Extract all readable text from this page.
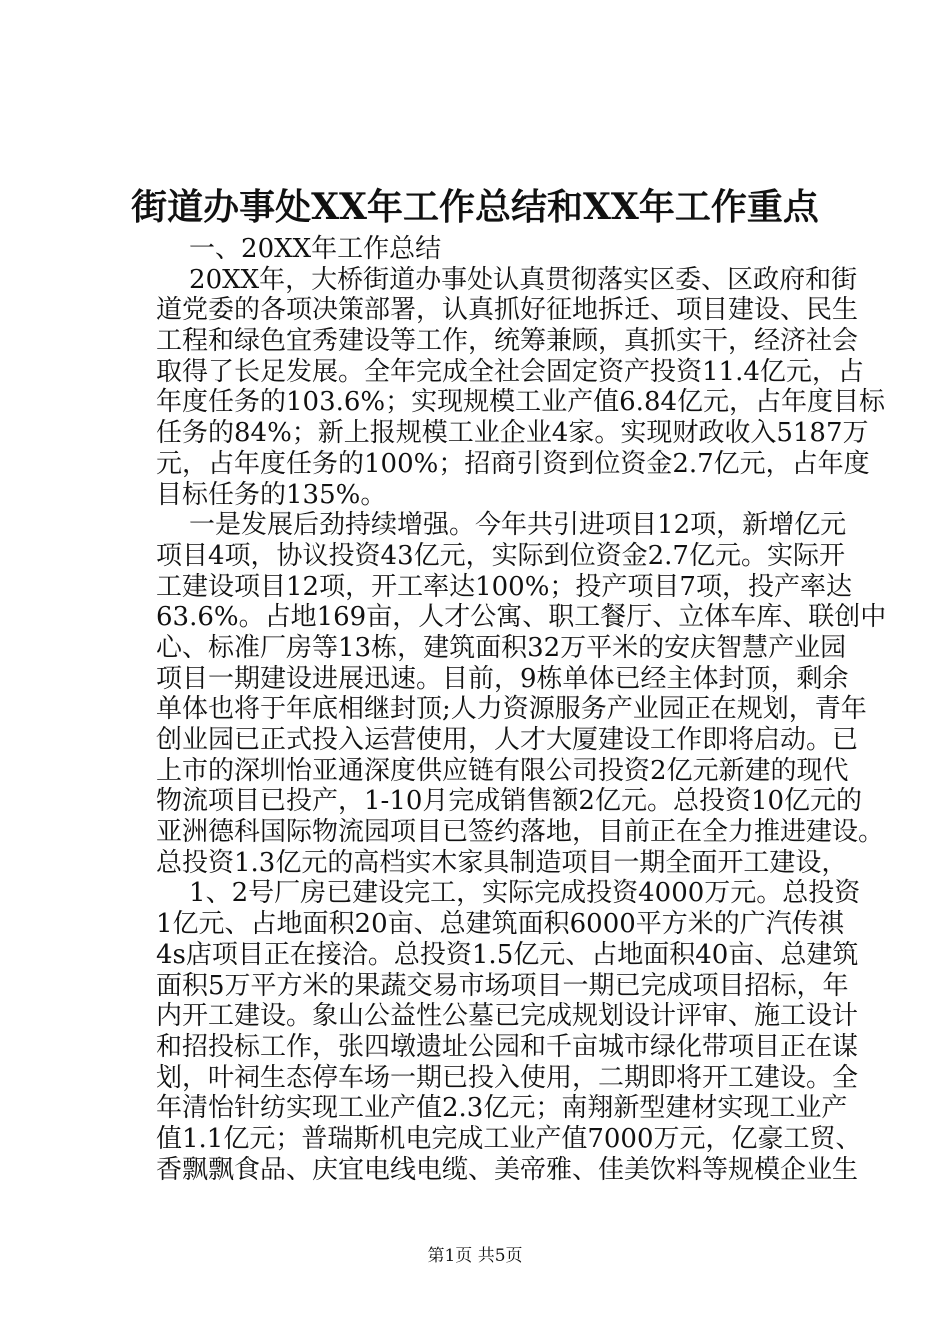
街道办事处XX年工作总结和XX年工作重点
一、20XX年工作总结
20XX年，大桥街道办事处认真贯彻落实区委、区政府和街
道党委的各项决策部署，认真抓好征地拆迁、项目建设、民生
工程和绿色宜秀建设等工作，统筹兼顾，真抓实干，经济社会
取得了长足发展。全年完成全社会固定资产投资11.4亿元，占
年度任务的103.6%；实现规模工业产值6.84亿元，占年度目标
任务的84%；新上报规模工业企业4家。实现财政收入5187万
元，占年度任务的100%；招商引资到位资金2.7亿元，占年度
目标任务的135%。
一是发展后劲持续增强。今年共引进项目12项，新增亿元
项目4项，协议投资43亿元，实际到位资金2.7亿元。实际开
工建设项目12项，开工率达100%；投产项目7项，投产率达
63.6%。占地169亩，人才公寓、职工餐厅、立体车库、联创中
心、标准厂房等13栋，建筑面积32万平米的安庆智慧产业园
项目一期建设进展迅速。目前，9栋单体已经主体封顶，剩余
单体也将于年底相继封顶;人力资源服务产业园正在规划，青年
创业园已正式投入运营使用，人才大厦建设工作即将启动。已
上市的深圳怡亚通深度供应链有限公司投资2亿元新建的现代
物流项目已投产，1-10月完成销售额2亿元。总投资10亿元的
亚洲德科国际物流园项目已签约落地，目前正在全力推进建设。
总投资1.3亿元的高档实木家具制造项目一期全面开工建设，
1、2号厂房已建设完工，实际完成投资4000万元。总投资
1亿元、占地面积20亩、总建筑面积6000平方米的广汽传祺
4s店项目正在接洽。总投资1.5亿元、占地面积40亩、总建筑
面积5万平方米的果蔬交易市场项目一期已完成项目招标，年
内开工建设。象山公益性公墓已完成规划设计评审、施工设计
和招投标工作，张四墩遗址公园和千亩城市绿化带项目正在谋
划，叶祠生态停车场一期已投入使用，二期即将开工建设。全
年清怡针纺实现工业产值2.3亿元；南翔新型建材实现工业产
值1.1亿元；普瑞斯机电完成工业产值7000万元，亿豪工贸、
香飘飘食品、庆宜电线电缆、美帝雅、佳美饮料等规模企业生
第1页 共5页
